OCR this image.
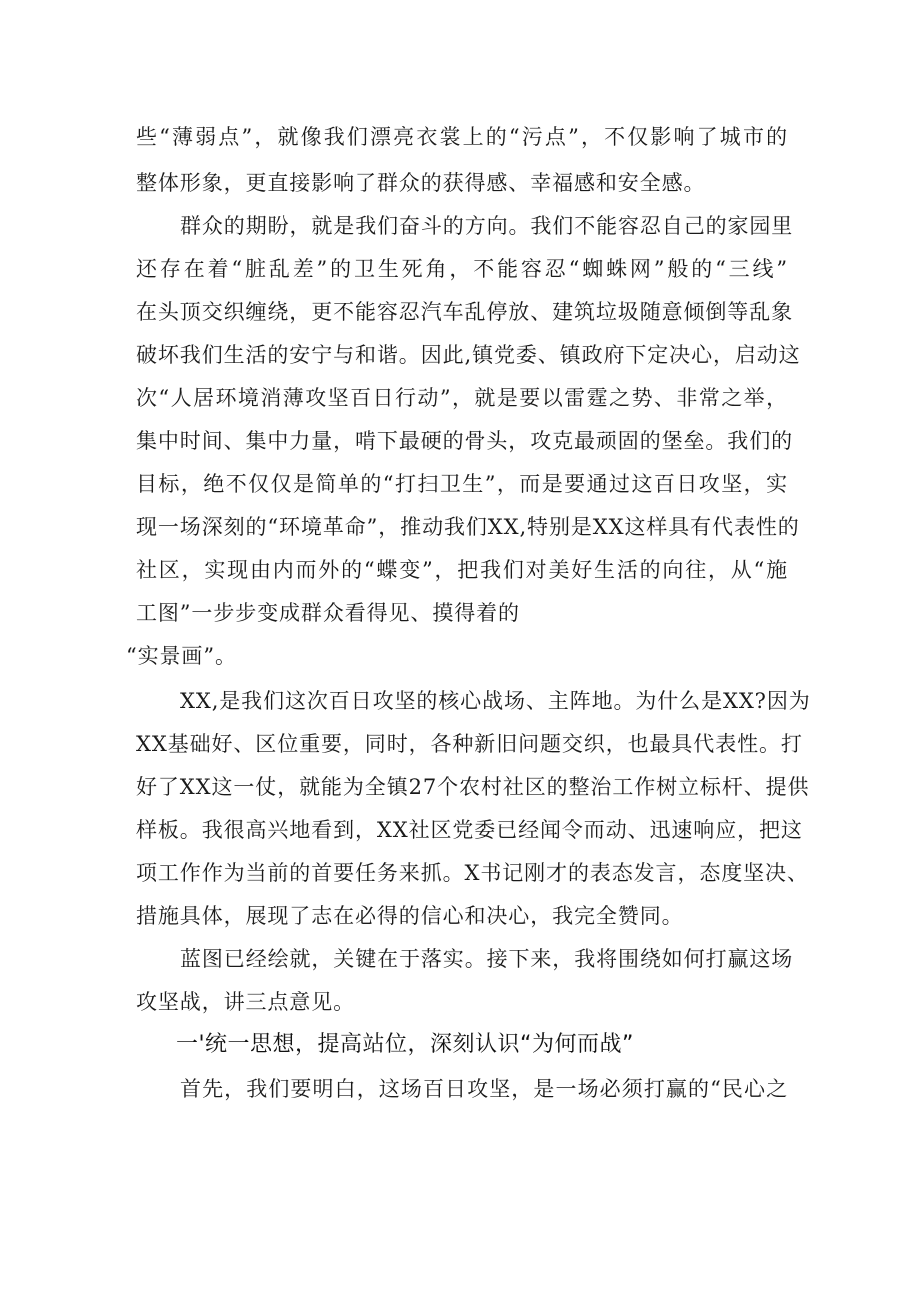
些“薄弱点”，就像我们漂亮衣裳上的“污点”，不仅影响了城市的
整体形象，更直接影响了群众的获得感、幸福感和安全感。
群众的期盼，就是我们奋斗的方向。我们不能容忍自己的家园里
还存在着“脏乱差”的卫生死角，不能容忍“蜘蛛网”般的“三线”
在头顶交织缠绕，更不能容忍汽车乱停放、建筑垃圾随意倾倒等乱象
破坏我们生活的安宁与和谐。因此,镇党委、镇政府下定决心，启动这
次“人居环境消薄攻坚百日行动”，就是要以雷霆之势、非常之举，
集中时间、集中力量，啃下最硬的骨头，攻克最顽固的堡垒。我们的
目标，绝不仅仅是简单的“打扫卫生”，而是要通过这百日攻坚，实
现一场深刻的“环境革命”，推动我们XX,特别是XX这样具有代表性的
社区，实现由内而外的“蝶变”，把我们对美好生活的向往，从“施
工图”一步步变成群众看得见、摸得着的
“实景画”。
XX,是我们这次百日攻坚的核心战场、主阵地。为什么是XX?因为
XX基础好、区位重要，同时，各种新旧问题交织，也最具代表性。打
好了XX这一仗，就能为全镇27个农村社区的整治工作树立标杆、提供
样板。我很高兴地看到，XX社区党委已经闻令而动、迅速响应，把这
项工作作为当前的首要任务来抓。X书记刚才的表态发言，态度坚决、
措施具体，展现了志在必得的信心和决心，我完全赞同。
蓝图已经绘就，关键在于落实。接下来，我将围绕如何打赢这场
攻坚战，讲三点意见。
一'统一思想，提高站位，深刻认识“为何而战”
首先，我们要明白，这场百日攻坚，是一场必须打赢的“民心之
